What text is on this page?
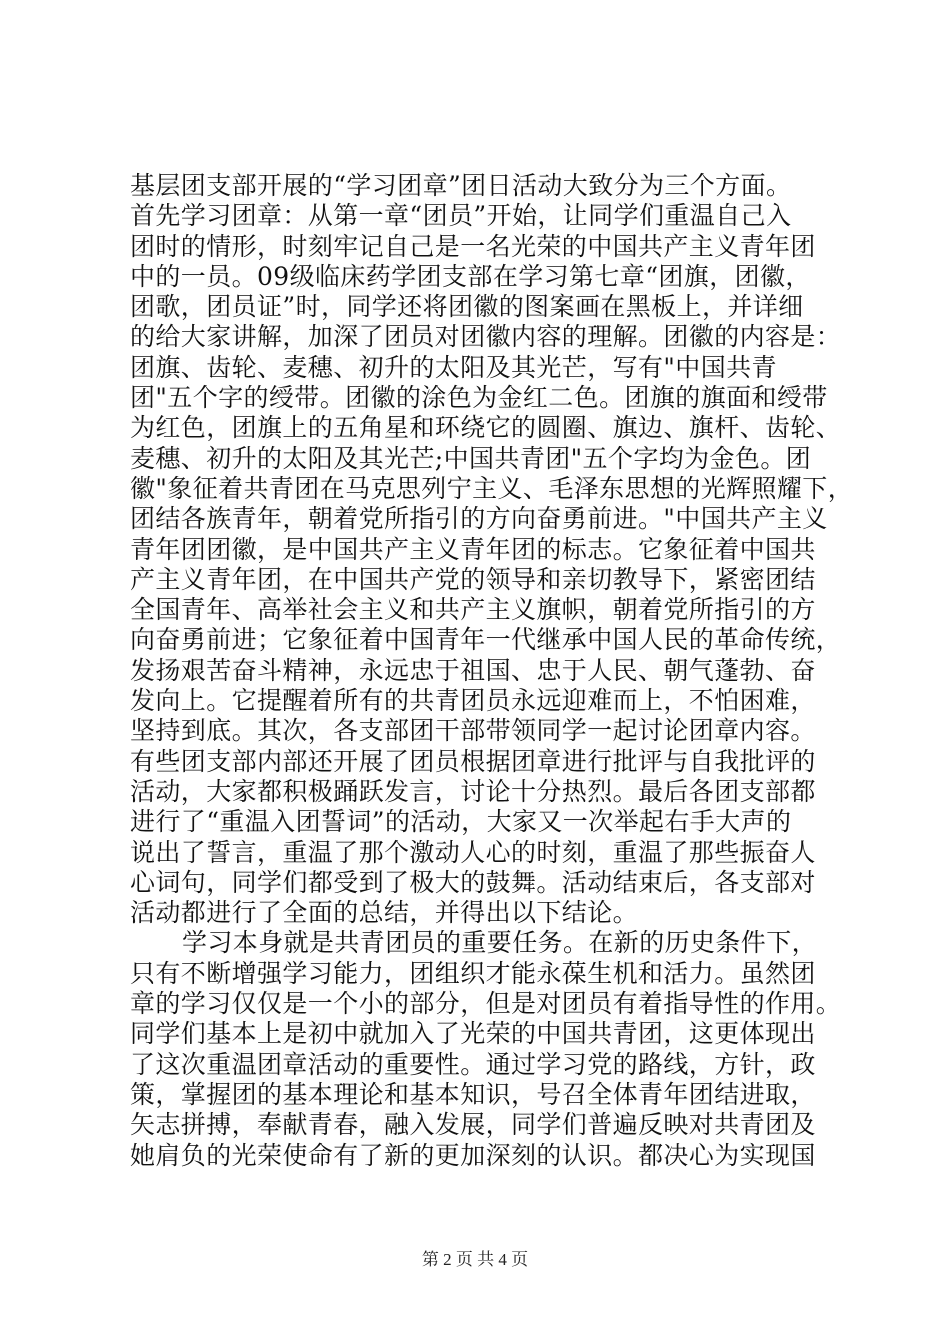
基层团支部开展的“学习团章”团日活动大致分为三个方面。
首先学习团章：从第一章“团员”开始，让同学们重温自己入
团时的情形，时刻牢记自己是一名光荣的中国共产主义青年团
中的一员。09级临床药学团支部在学习第七章“团旗，团徽，
团歌，团员证”时，同学还将团徽的图案画在黑板上，并详细
的给大家讲解，加深了团员对团徽内容的理解。团徽的内容是：
团旗、齿轮、麦穗、初升的太阳及其光芒，写有"中国共青
团"五个字的绶带。团徽的涂色为金红二色。团旗的旗面和绶带
为红色，团旗上的五角星和环绕它的圆圈、旗边、旗杆、齿轮、
麦穗、初升的太阳及其光芒;中国共青团"五个字均为金色。团
徽"象征着共青团在马克思列宁主义、毛泽东思想的光辉照耀下，
团结各族青年，朝着党所指引的方向奋勇前进。"中国共产主义
青年团团徽，是中国共产主义青年团的标志。它象征着中国共
产主义青年团，在中国共产党的领导和亲切教导下，紧密团结
全国青年、高举社会主义和共产主义旗帜，朝着党所指引的方
向奋勇前进；它象征着中国青年一代继承中国人民的革命传统，
发扬艰苦奋斗精神，永远忠于祖国、忠于人民、朝气蓬勃、奋
发向上。它提醒着所有的共青团员永远迎难而上，不怕困难，
坚持到底。其次，各支部团干部带领同学一起讨论团章内容。
有些团支部内部还开展了团员根据团章进行批评与自我批评的
活动，大家都积极踊跃发言，讨论十分热烈。最后各团支部都
进行了“重温入团誓词”的活动，大家又一次举起右手大声的
说出了誓言，重温了那个激动人心的时刻，重温了那些振奋人
心词句，同学们都受到了极大的鼓舞。活动结束后，各支部对
活动都进行了全面的总结，并得出以下结论。
学习本身就是共青团员的重要任务。在新的历史条件下，
只有不断增强学习能力，团组织才能永葆生机和活力。虽然团
章的学习仅仅是一个小的部分，但是对团员有着指导性的作用。
同学们基本上是初中就加入了光荣的中国共青团，这更体现出
了这次重温团章活动的重要性。通过学习党的路线，方针，政
策，掌握团的基本理论和基本知识，号召全体青年团结进取，
矢志拼搏，奉献青春，融入发展，同学们普遍反映对共青团及
她肩负的光荣使命有了新的更加深刻的认识。都决心为实现国
第 2 页 共 4 页
